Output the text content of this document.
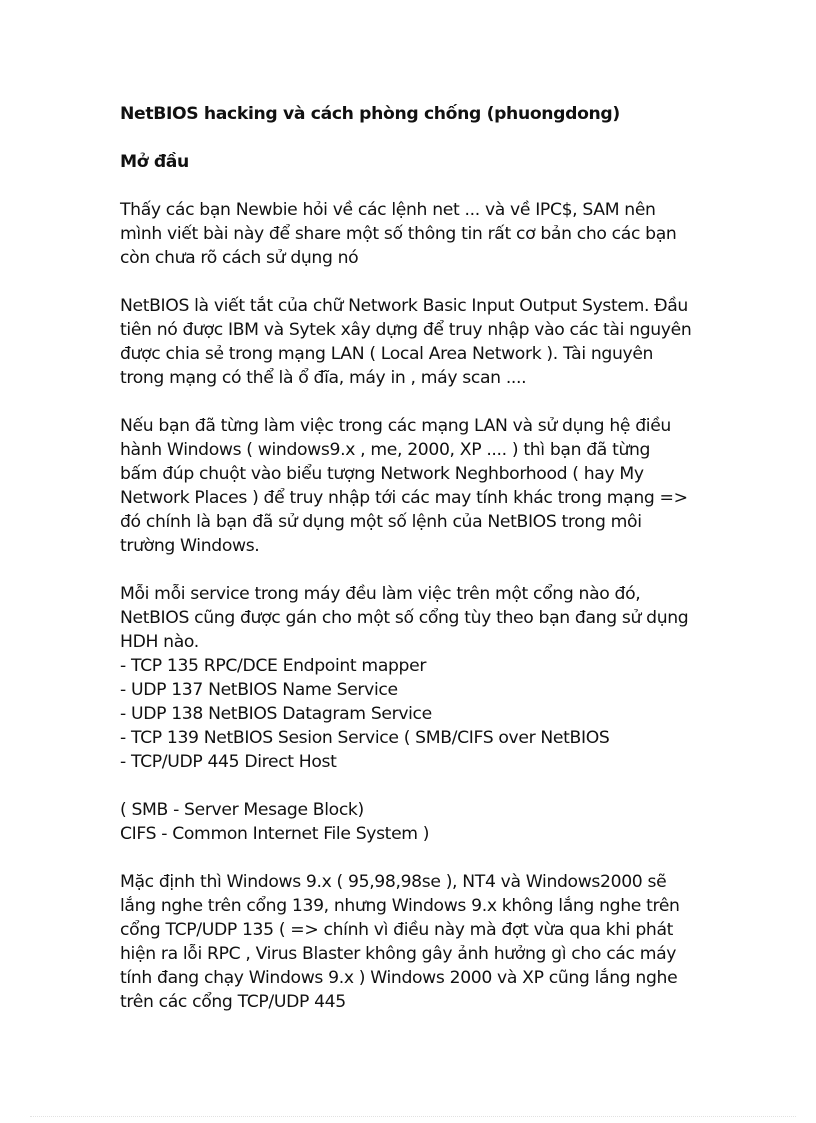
NetBIOS hacking và cách phòng chống (phuongdong)

Mở đầu

Thấy các bạn Newbie hỏi về các lệnh net ... và về IPC$, SAM nên
mình viết bài này để share một số thông tin rất cơ bản cho các bạn
còn chưa rõ cách sử dụng nó
NetBIOS là viết tắt của chữ Network Basic Input Output System. Đầu
tiên nó được IBM và Sytek xây dựng để truy nhập vào các tài nguyên
được chia sẻ trong mạng LAN ( Local Area Network ). Tài nguyên
trong mạng có thể là ổ đĩa, máy in , máy scan ....
Nếu bạn đã từng làm việc trong các mạng LAN và sử dụng hệ điều
hành Windows ( windows9.x , me, 2000, XP .... ) thì bạn đã từng
bấm đúp chuột vào biểu tượng Network Neghborhood ( hay My
Network Places ) để truy nhập tới các may tính khác trong mạng =>
đó chính là bạn đã sử dụng một số lệnh của NetBIOS trong môi
trường Windows.
Mỗi mỗi service trong máy đều làm việc trên một cổng nào đó,
NetBIOS cũng được gán cho một số cổng tùy theo bạn đang sử dụng
HDH nào.
- TCP 135 RPC/DCE Endpoint mapper
- UDP 137 NetBIOS Name Service
- UDP 138 NetBIOS Datagram Service
- TCP 139 NetBIOS Sesion Service ( SMB/CIFS over NetBIOS
- TCP/UDP 445 Direct Host
( SMB - Server Mesage Block)
CIFS - Common Internet File System )
Mặc định thì Windows 9.x ( 95,98,98se ), NT4 và Windows2000 sẽ
lắng nghe trên cổng 139, nhưng Windows 9.x không lắng nghe trên
cổng TCP/UDP 135 ( => chính vì điều này mà đợt vừa qua khi phát
hiện ra lỗi RPC , Virus Blaster không gây ảnh hưởng gì cho các máy
tính đang chạy Windows 9.x ) Windows 2000 và XP cũng lắng nghe
trên các cổng TCP/UDP 445
